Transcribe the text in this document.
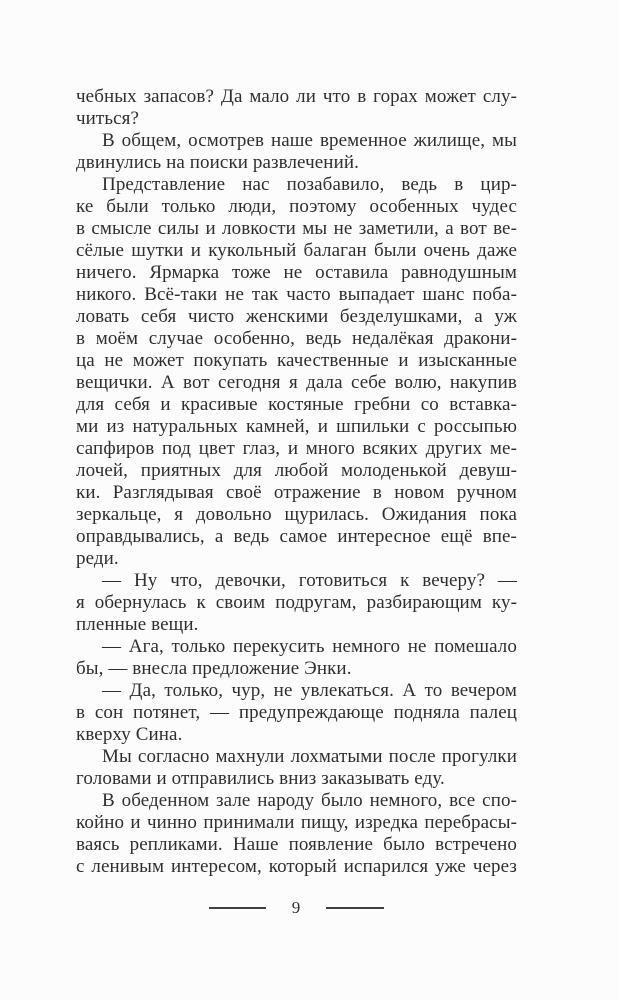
чебных запасов? Да мало ли что в горах может слу-
читься?
В общем, осмотрев наше временное жилище, мы
двинулись на поиски развлечений.
Представление нас позабавило, ведь в цир-
ке были только люди, поэтому особенных чудес
в смысле силы и ловкости мы не заметили, а вот ве-
сёлые шутки и кукольный балаган были очень даже
ничего. Ярмарка тоже не оставила равнодушным
никого. Всё-таки не так часто выпадает шанс поба-
ловать себя чисто женскими безделушками, а уж
в моём случае особенно, ведь недалёкая дракони-
ца не может покупать качественные и изысканные
вещички. А вот сегодня я дала себе волю, накупив
для себя и красивые костяные гребни со вставка-
ми из натуральных камней, и шпильки с россыпью
сапфиров под цвет глаз, и много всяких других ме-
лочей, приятных для любой молоденькой девуш-
ки. Разглядывая своё отражение в новом ручном
зеркальце, я довольно щурилась. Ожидания пока
оправдывались, а ведь самое интересное ещё впе-
реди.
— Ну что, девочки, готовиться к вечеру? —
я обернулась к своим подругам, разбирающим ку-
пленные вещи.
— Ага, только перекусить немного не помешало
бы, — внесла предложение Энки.
— Да, только, чур, не увлекаться. А то вечером
в сон потянет, — предупреждающе подняла палец
кверху Сина.
Мы согласно махнули лохматыми после прогулки
головами и отправились вниз заказывать еду.
В обеденном зале народу было немного, все спо-
койно и чинно принимали пищу, изредка перебрасы-
ваясь репликами. Наше появление было встречено
с ленивым интересом, который испарился уже через
9
